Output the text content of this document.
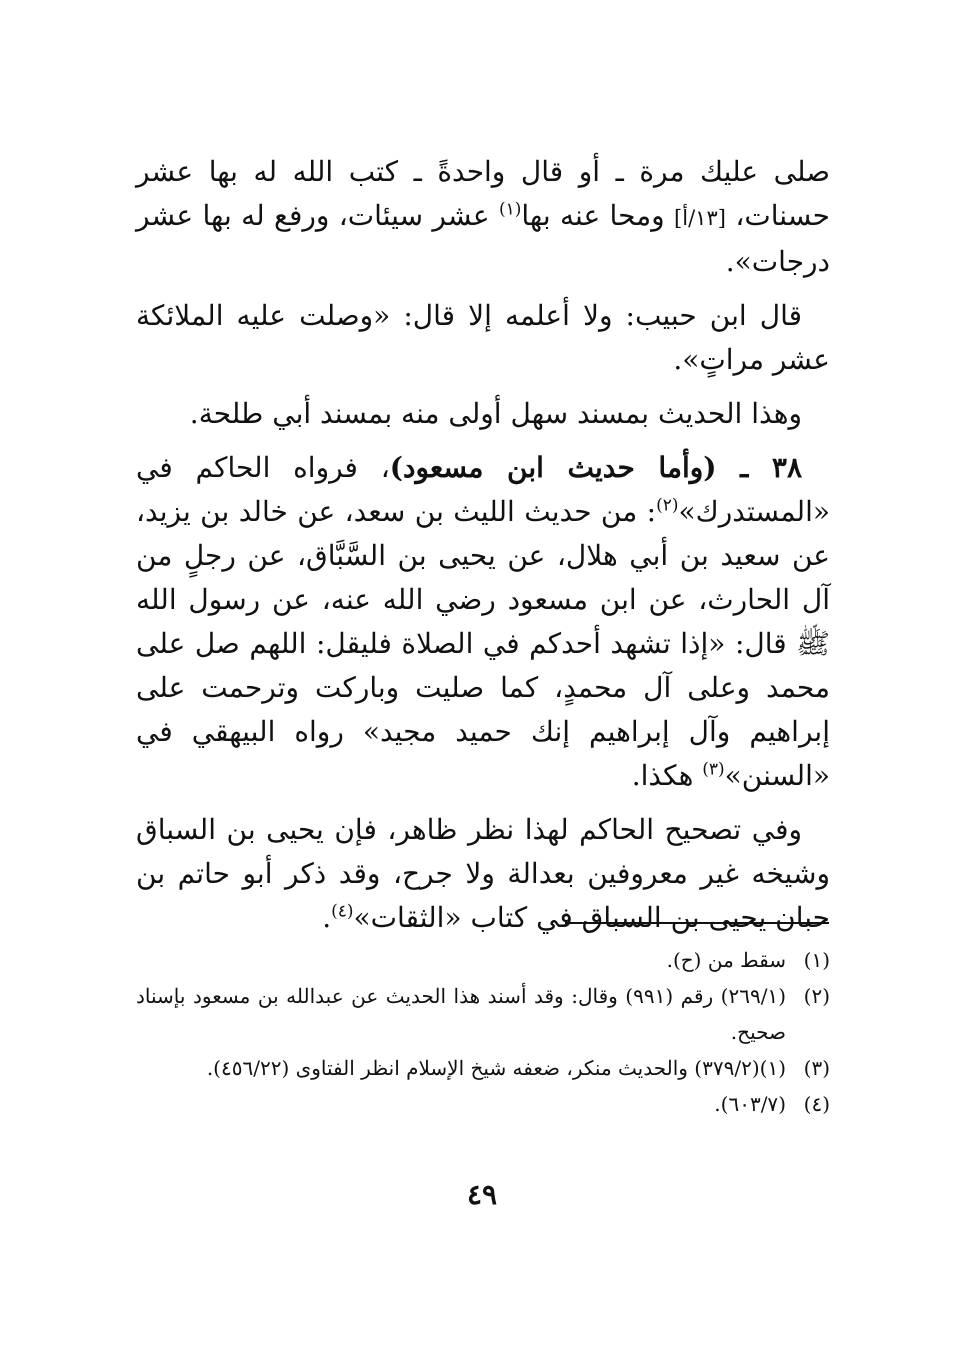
صلى عليك مرة ـ أو قال واحدةً ـ كتب الله له بها عشر حسنات، [١٣/أ] ومحا عنه بها$^{(١)}$ عشر سيئات، ورفع له بها عشر درجات».

قال ابن حبيب: ولا أعلمه إلا قال: «وصلت عليه الملائكة عشر مراتٍ».

وهذا الحديث بمسند سهل أولى منه بمسند أبي طلحة.

٣٨ ـ (وأما حديث ابن مسعود)، فرواه الحاكم في «المستدرك»$^{(٢)}$: من حديث الليث بن سعد، عن خالد بن يزيد، عن سعيد بن أبي هلال، عن يحيى بن السَّبَّاق، عن رجلٍ من آل الحارث، عن ابن مسعود رضي الله عنه، عن رسول الله ﷺ قال: «إذا تشهد أحدكم في الصلاة فليقل: اللهم صل على محمد وعلى آل محمدٍ، كما صليت وباركت وترحمت على إبراهيم وآل إبراهيم إنك حميد مجيد» رواه البيهقي في «السنن»$^{(٣)}$ هكذا.

وفي تصحيح الحاكم لهذا نظر ظاهر، فإن يحيى بن السباق وشيخه غير معروفين بعدالة ولا جرح، وقد ذكر أبو حاتم بن حبان يحيى بن السباق في كتاب «الثقات»$^{(٤)}$.

(١)
سقط من (ح).
(٢)
(٢٦٩/١) رقم (٩٩١) وقال: وقد أسند هذا الحديث عن عبدالله بن مسعود بإسناد صحيح.
(٣)
(١)(٣٧٩/٢) والحديث منكر، ضعفه شيخ الإسلام انظر الفتاوى (٤٥٦/٢٢).
(٤)
(٦٠٣/٧).
٤٩
